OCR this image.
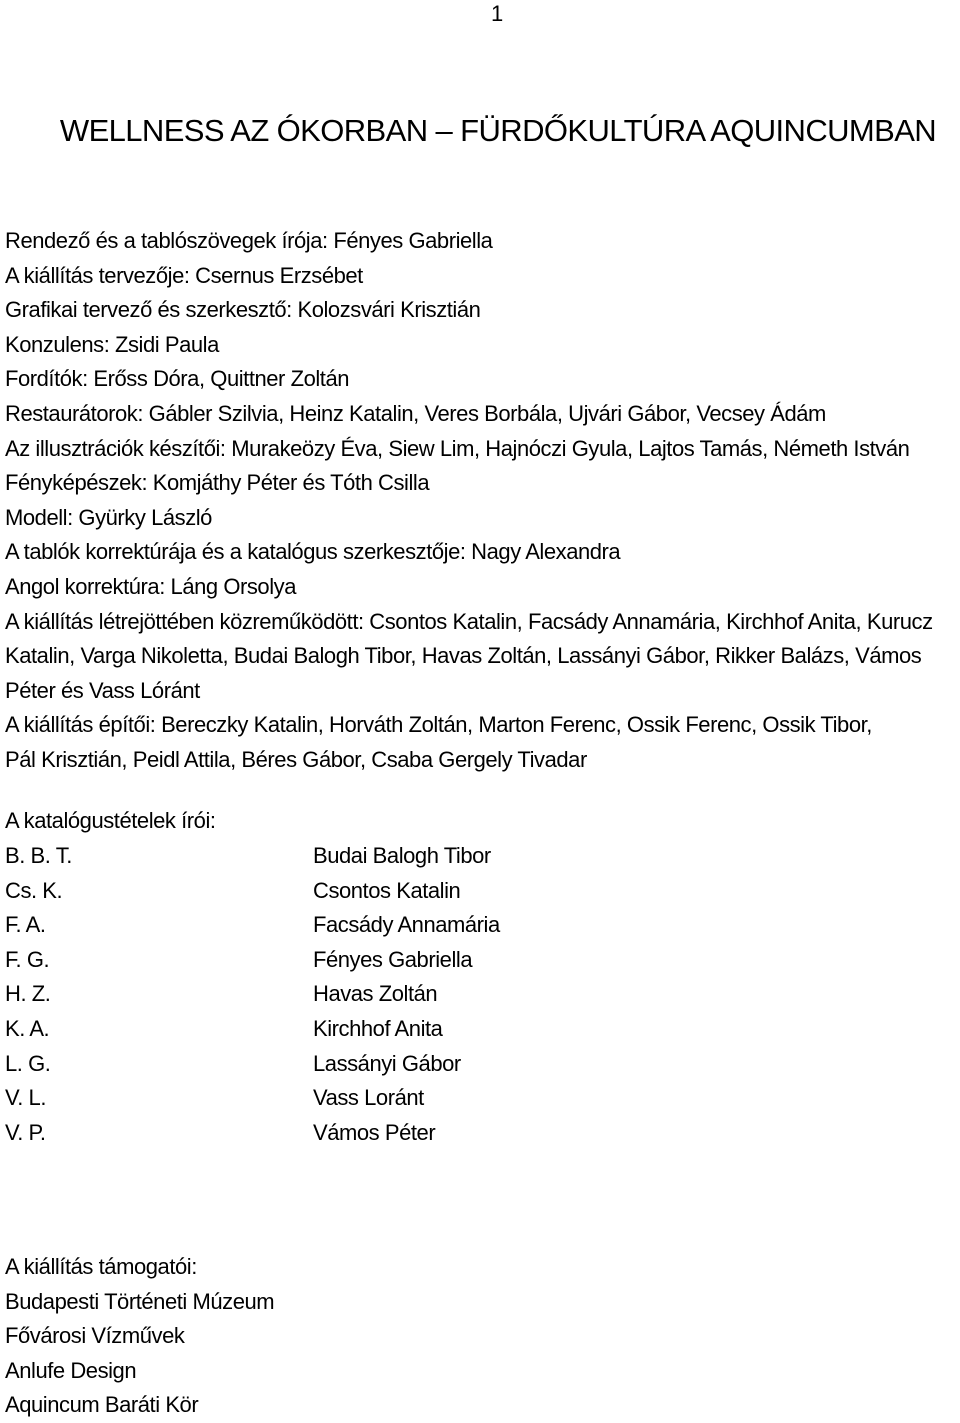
1
WELLNESS AZ ÓKORBAN – FÜRDŐKULTÚRA AQUINCUMBAN
Rendező és a tablószövegek írója: Fényes Gabriella
A kiállítás tervezője: Csernus Erzsébet
Grafikai tervező és szerkesztő: Kolozsvári Krisztián
Konzulens: Zsidi Paula
Fordítók: Erőss Dóra, Quittner Zoltán
Restaurátorok: Gábler Szilvia, Heinz Katalin, Veres Borbála, Ujvári Gábor, Vecsey Ádám
Az illusztrációk készítői: Murakeözy Éva, Siew Lim, Hajnóczi Gyula, Lajtos Tamás, Németh István
Fényképészek: Komjáthy Péter és Tóth Csilla
Modell: Gyürky László
A tablók korrektúrája és a katalógus szerkesztője: Nagy Alexandra
Angol korrektúra: Láng Orsolya
A kiállítás létrejöttében közreműködött: Csontos Katalin, Facsády Annamária, Kirchhof Anita, Kurucz
Katalin, Varga Nikoletta, Budai Balogh Tibor, Havas Zoltán, Lassányi Gábor, Rikker Balázs, Vámos
Péter és Vass Lóránt
A kiállítás építői: Bereczky Katalin, Horváth Zoltán, Marton Ferenc, Ossik Ferenc, Ossik Tibor,
Pál Krisztián, Peidl Attila, Béres Gábor, Csaba Gergely Tivadar
A katalógustételek írói:
B. B. T.	Budai Balogh Tibor
Cs. K.	Csontos Katalin
F. A.	Facsády Annamária
F. G.	Fényes Gabriella
H. Z.	Havas Zoltán
K. A.	Kirchhof Anita
L. G.	Lassányi Gábor
V. L.	Vass Loránt
V. P.	Vámos Péter
A kiállítás támogatói:
Budapesti Történeti Múzeum
Fővárosi Vízművek
Anlufe Design
Aquincum Baráti Kör
